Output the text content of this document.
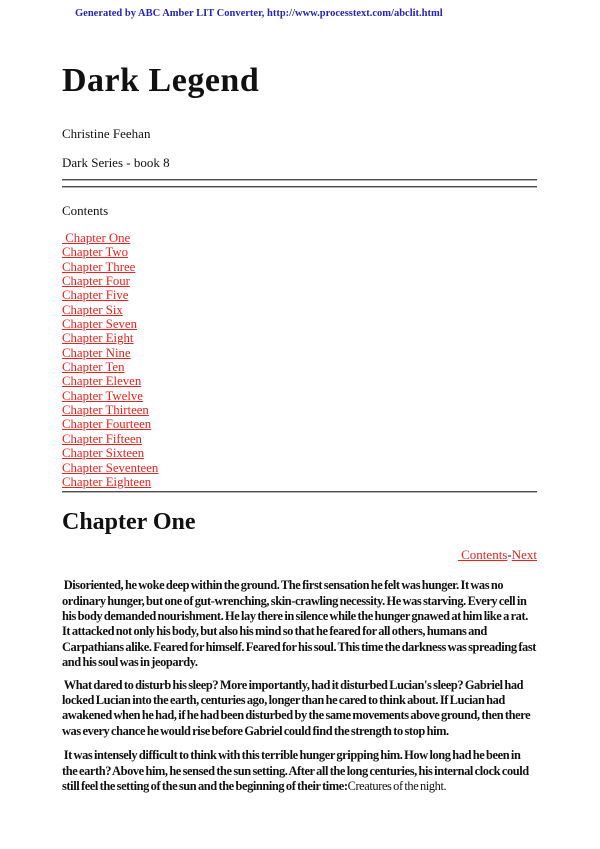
Generated by ABC Amber LIT Converter, http://www.processtext.com/abclit.html
Dark Legend

Christine Feehan

Dark Series - book 8

Contents

Chapter One
Chapter Two
Chapter Three
Chapter Four
Chapter Five
Chapter Six
Chapter Seven
Chapter Eight
Chapter Nine
Chapter Ten
Chapter Eleven
Chapter Twelve
Chapter Thirteen
Chapter Fourteen
Chapter Fifteen
Chapter Sixteen
Chapter Seventeen
Chapter Eighteen

Chapter One

Contents-Next

Disoriented, he woke deep within the ground. The first sensation he felt was hunger. It was no ordinary hunger, but one of gut-wrenching, skin-crawling necessity. He was starving. Every cell in his body demanded nourishment. He lay there in silence while the hunger gnawed at him like a rat. It attacked not only his body, but also his mind so that he feared for all others, humans and Carpathians alike. Feared for himself. Feared for his soul. This time the darkness was spreading fast and his soul was in jeopardy.

What dared to disturb his sleep? More importantly, had it disturbed Lucian's sleep? Gabriel had locked Lucian into the earth, centuries ago, longer than he cared to think about. If Lucian had awakened when he had, if he had been disturbed by the same movements above ground, then there was every chance he would rise before Gabriel could find the strength to stop him.

It was intensely difficult to think with this terrible hunger gripping him. How long had he been in the earth? Above him, he sensed the sun setting. After all the long centuries, his internal clock could still feel the setting of the sun and the beginning of their time:Creatures of the night.
